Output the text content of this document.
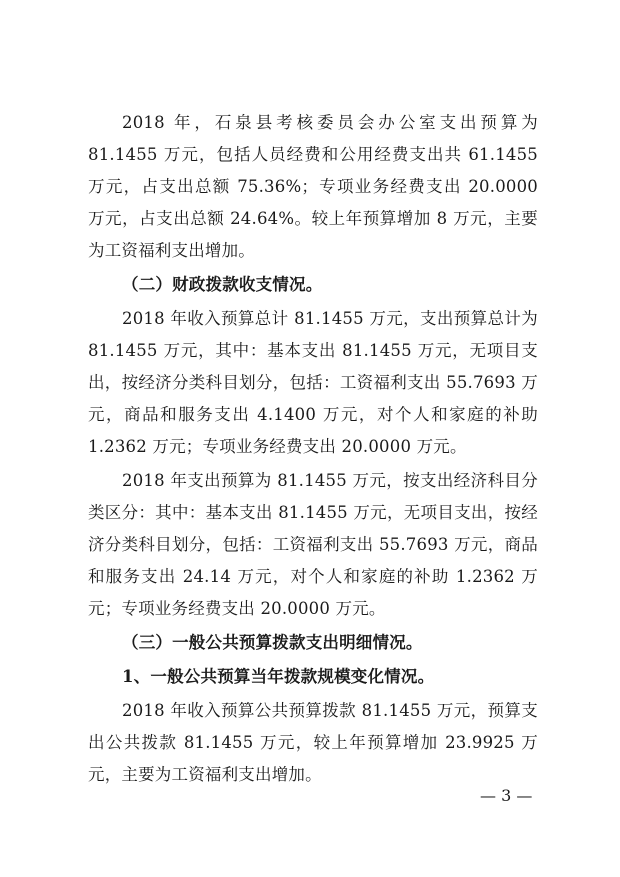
2018 年，石泉县考核委员会办公室支出预算为 81.1455 万元，包括人员经费和公用经费支出共 61.1455 万元，占支出总额 75.36%；专项业务经费支出 20.0000 万元，占支出总额 24.64%。较上年预算增加 8 万元，主要为工资福利支出增加。

（二）财政拨款收支情况。

2018 年收入预算总计 81.1455 万元，支出预算总计为 81.1455 万元，其中：基本支出 81.1455 万元，无项目支出，按经济分类科目划分，包括：工资福利支出 55.7693 万元，商品和服务支出 4.1400 万元，对个人和家庭的补助 1.2362 万元；专项业务经费支出 20.0000 万元。

2018 年支出预算为 81.1455 万元，按支出经济科目分类区分：其中：基本支出 81.1455 万元，无项目支出，按经济分类科目划分，包括：工资福利支出 55.7693 万元，商品和服务支出 24.14 万元，对个人和家庭的补助 1.2362 万元；专项业务经费支出 20.0000 万元。

（三）一般公共预算拨款支出明细情况。

1、一般公共预算当年拨款规模变化情况。

2018 年收入预算公共预算拨款 81.1455 万元，预算支出公共拨款 81.1455 万元，较上年预算增加 23.9925 万元，主要为工资福利支出增加。

— 3 —
